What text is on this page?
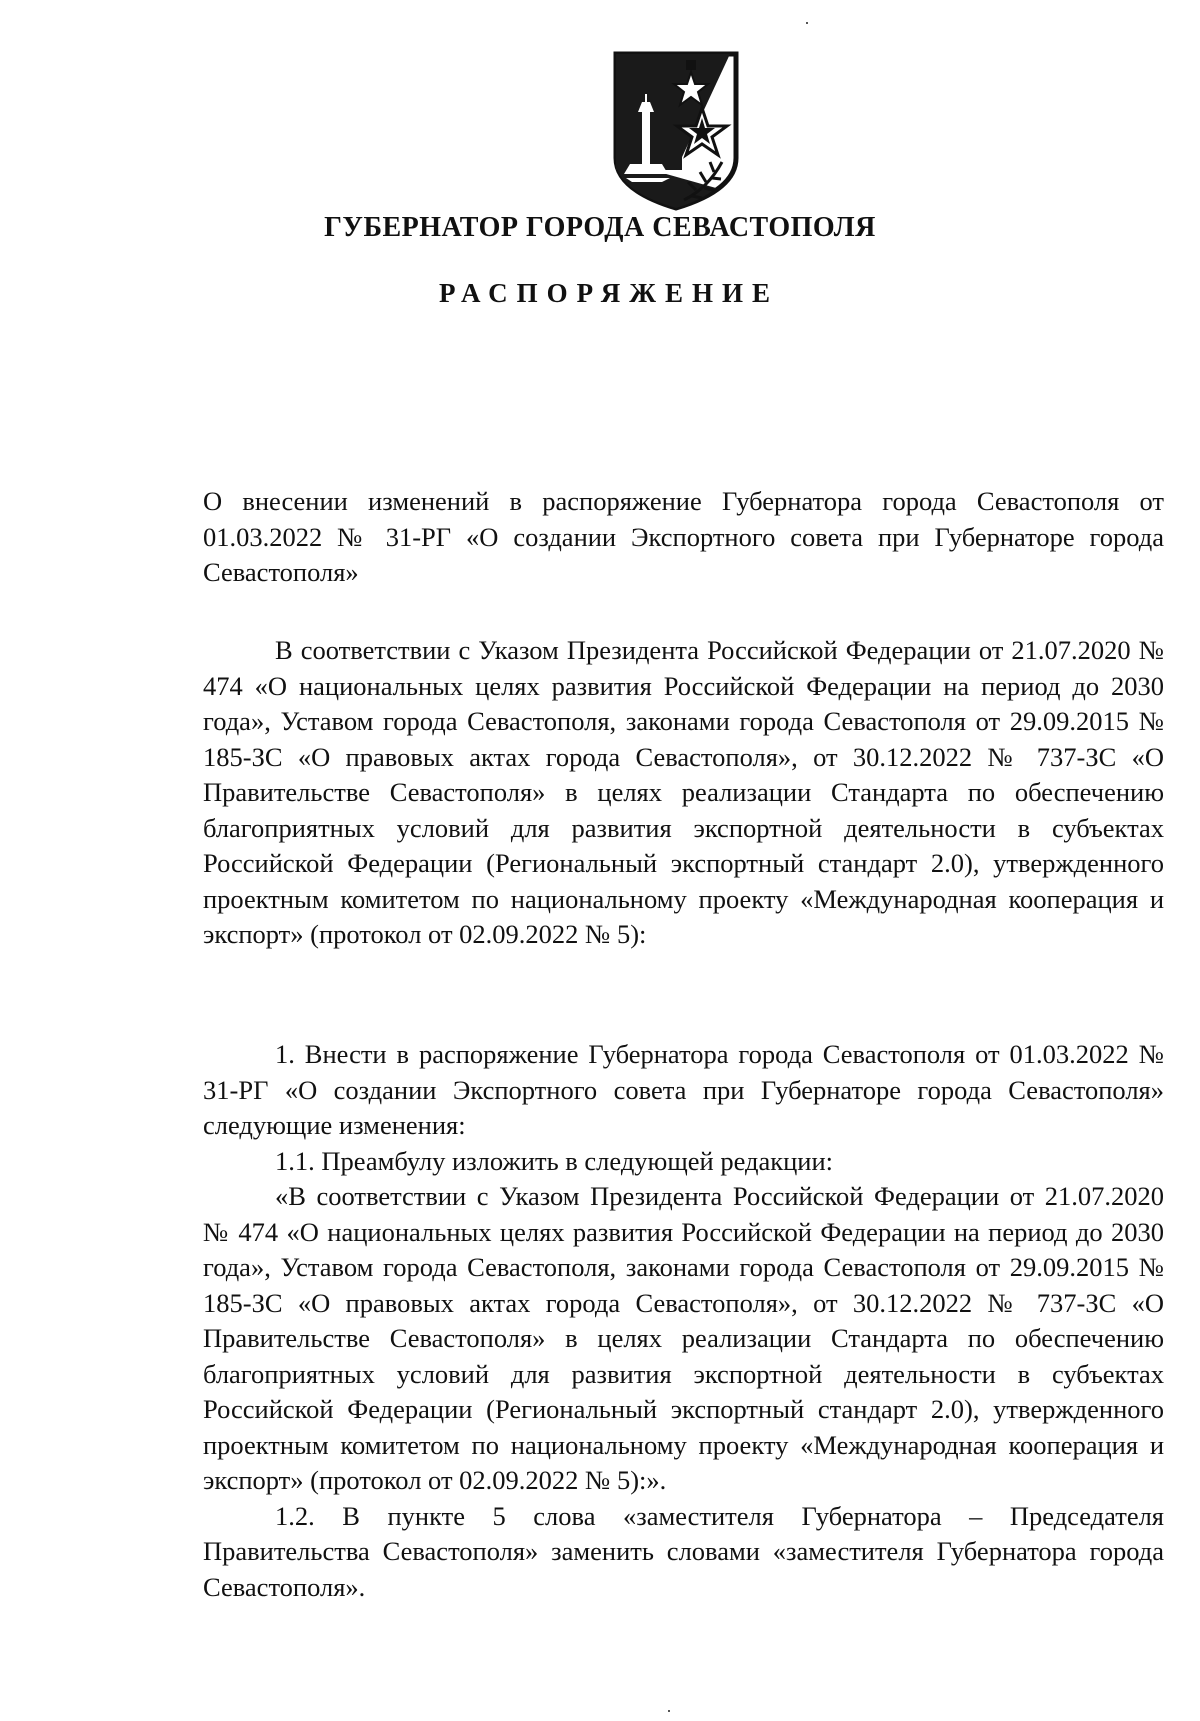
ГУБЕРНАТОР ГОРОДА СЕВАСТОПОЛЯ
РАСПОРЯЖЕНИЕ

О внесении изменений в распоряжение Губернатора города Севастополя от 01.03.2022 № 31-РГ «О создании Экспортного совета при Губернаторе города Севастополя»

В соответствии с Указом Президента Российской Федерации от 21.07.2020 № 474 «О национальных целях развития Российской Федерации на период до 2030 года», Уставом города Севастополя, законами города Севастополя от 29.09.2015 № 185-ЗС «О правовых актах города Севастополя», от 30.12.2022 № 737-ЗС «О Правительстве Севастополя» в целях реализации Стандарта по обеспечению благоприятных условий для развития экспортной деятельности в субъектах Российской Федерации (Региональный экспортный стандарт 2.0), утвержденного проектным комитетом по национальному проекту «Международная кооперация и экспорт» (протокол от 02.09.2022 № 5):

1. Внести в распоряжение Губернатора города Севастополя от 01.03.2022 № 31-РГ «О создании Экспортного совета при Губернаторе города Севастополя» следующие изменения:

1.1. Преамбулу изложить в следующей редакции:

«В соответствии с Указом Президента Российской Федерации от 21.07.2020 № 474 «О национальных целях развития Российской Федерации на период до 2030 года», Уставом города Севастополя, законами города Севастополя от 29.09.2015 № 185-ЗС «О правовых актах города Севастополя», от 30.12.2022 № 737-ЗС «О Правительстве Севастополя» в целях реализации Стандарта по обеспечению благоприятных условий для развития экспортной деятельности в субъектах Российской Федерации (Региональный экспортный стандарт 2.0), утвержденного проектным комитетом по национальному проекту «Международная кооперация и экспорт» (протокол от 02.09.2022 № 5):».

1.2. В пункте 5 слова «заместителя Губернатора – Председателя Правительства Севастополя» заменить словами «заместителя Губернатора города Севастополя».
